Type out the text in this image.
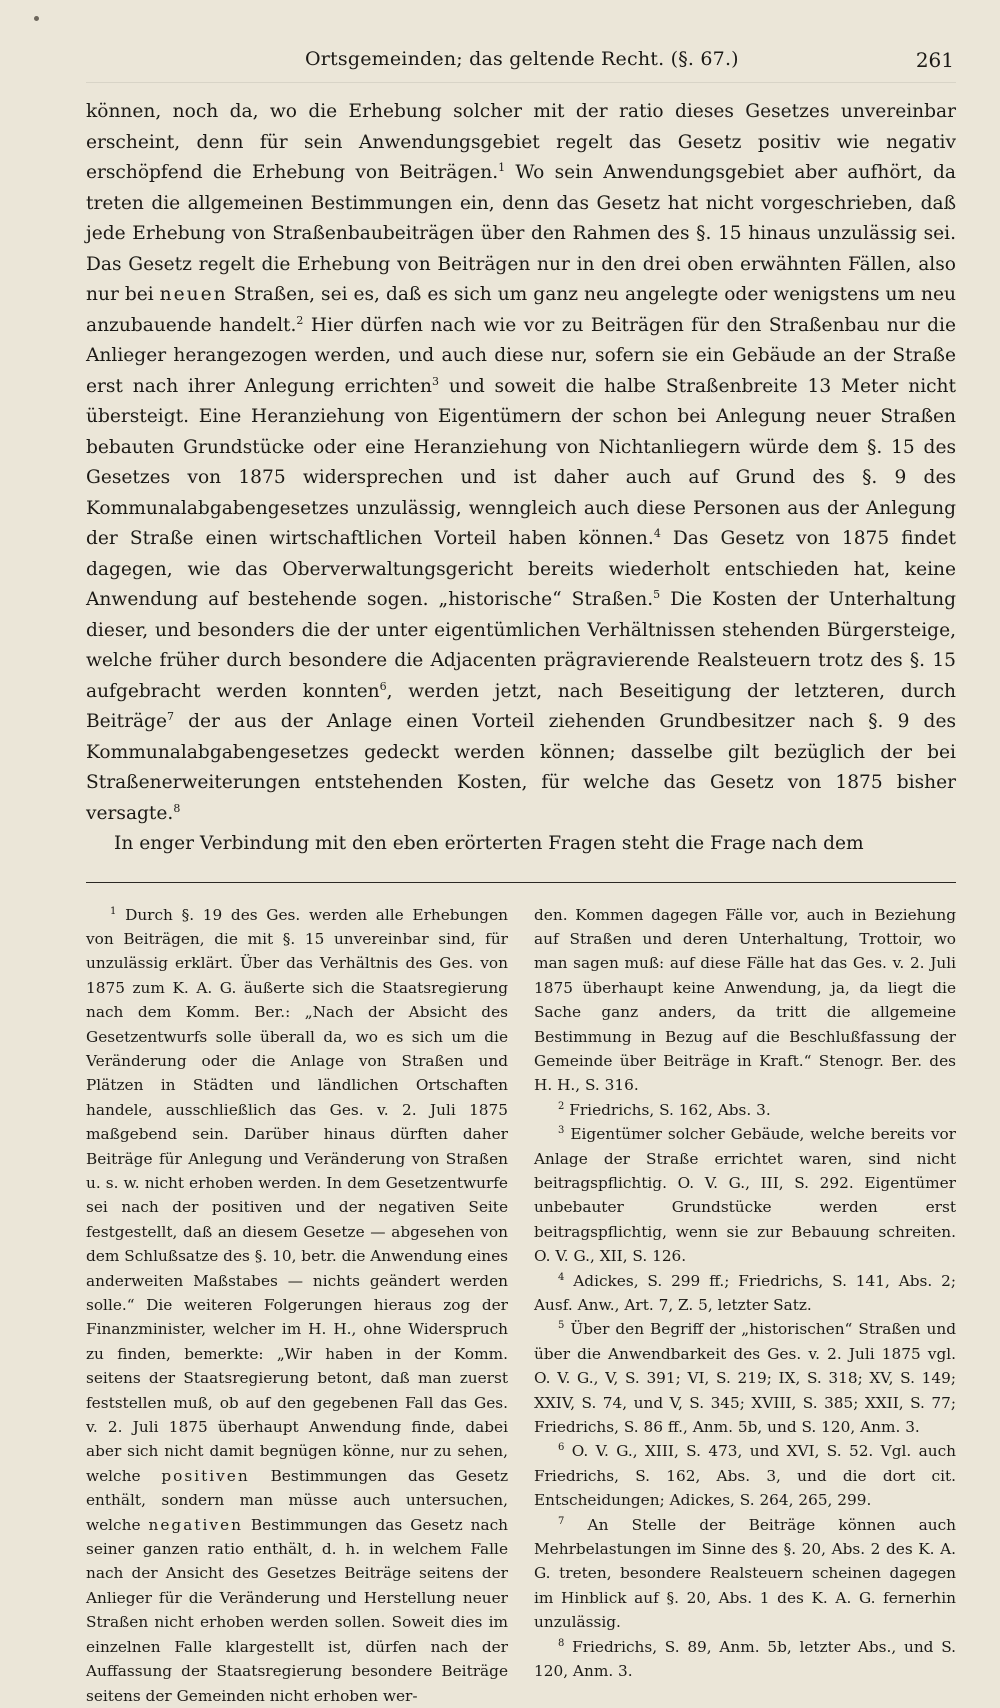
Ortsgemeinden; das geltende Recht. (§. 67.)	261

können, noch da, wo die Erhebung solcher mit der ratio dieses Gesetzes unvereinbar erscheint, denn für sein Anwendungsgebiet regelt das Gesetz positiv wie negativ erschöpfend die Erhebung von Beiträgen.$^1$ Wo sein Anwendungsgebiet aber aufhört, da treten die allgemeinen Bestimmungen ein, denn das Gesetz hat nicht vorgeschrieben, daß jede Erhebung von Straßenbaubeiträgen über den Rahmen des §. 15 hinaus unzulässig sei. Das Gesetz regelt die Erhebung von Beiträgen nur in den drei oben erwähnten Fällen, also nur bei neuen Straßen, sei es, daß es sich um ganz neu angelegte oder wenigstens um neu anzubauende handelt.$^2$ Hier dürfen nach wie vor zu Beiträgen für den Straßenbau nur die Anlieger herangezogen werden, und auch diese nur, sofern sie ein Gebäude an der Straße erst nach ihrer Anlegung errichten$^3$ und soweit die halbe Straßenbreite 13 Meter nicht übersteigt. Eine Heranziehung von Eigentümern der schon bei Anlegung neuer Straßen bebauten Grundstücke oder eine Heranziehung von Nichtanliegern würde dem §. 15 des Gesetzes von 1875 widersprechen und ist daher auch auf Grund des §. 9 des Kommunalabgabengesetzes unzulässig, wenngleich auch diese Personen aus der Anlegung der Straße einen wirtschaftlichen Vorteil haben können.$^4$ Das Gesetz von 1875 findet dagegen, wie das Oberverwaltungsgericht bereits wiederholt entschieden hat, keine Anwendung auf bestehende sogen. „historische“ Straßen.$^5$ Die Kosten der Unterhaltung dieser, und besonders die der unter eigentümlichen Verhältnissen stehenden Bürgersteige, welche früher durch besondere die Adjacenten prägravierende Realsteuern trotz des §. 15 aufgebracht werden konnten$^6$, werden jetzt, nach Beseitigung der letzteren, durch Beiträge$^7$ der aus der Anlage einen Vorteil ziehenden Grundbesitzer nach §. 9 des Kommunalabgabengesetzes gedeckt werden können; dasselbe gilt bezüglich der bei Straßenerweiterungen entstehenden Kosten, für welche das Gesetz von 1875 bisher versagte.$^8$

In enger Verbindung mit den eben erörterten Fragen steht die Frage nach dem

$^1$ Durch §. 19 des Ges. werden alle Erhebungen von Beiträgen, die mit §. 15 unvereinbar sind, für unzulässig erklärt. Über das Verhältnis des Ges. von 1875 zum K. A. G. äußerte sich die Staatsregierung nach dem Komm. Ber.: „Nach der Absicht des Gesetzentwurfs solle überall da, wo es sich um die Veränderung oder die Anlage von Straßen und Plätzen in Städten und ländlichen Ortschaften handele, ausschließlich das Ges. v. 2. Juli 1875 maßgebend sein. Darüber hinaus dürften daher Beiträge für Anlegung und Veränderung von Straßen u. s. w. nicht erhoben werden. In dem Gesetzentwurfe sei nach der positiven und der negativen Seite festgestellt, daß an diesem Gesetze — abgesehen von dem Schlußsatze des §. 10, betr. die Anwendung eines anderweiten Maßstabes — nichts geändert werden solle.“ Die weiteren Folgerungen hieraus zog der Finanzminister, welcher im H. H., ohne Widerspruch zu finden, bemerkte: „Wir haben in der Komm. seitens der Staatsregierung betont, daß man zuerst feststellen muß, ob auf den gegebenen Fall das Ges. v. 2. Juli 1875 überhaupt Anwendung finde, dabei aber sich nicht damit begnügen könne, nur zu sehen, welche positiven Bestimmungen das Gesetz enthält, sondern man müsse auch untersuchen, welche negativen Bestimmungen das Gesetz nach seiner ganzen ratio enthält, d. h. in welchem Falle nach der Ansicht des Gesetzes Beiträge seitens der Anlieger für die Veränderung und Herstellung neuer Straßen nicht erhoben werden sollen. Soweit dies im einzelnen Falle klargestellt ist, dürfen nach der Auffassung der Staatsregierung besondere Beiträge seitens der Gemeinden nicht erhoben wer-

den. Kommen dagegen Fälle vor, auch in Beziehung auf Straßen und deren Unterhaltung, Trottoir, wo man sagen muß: auf diese Fälle hat das Ges. v. 2. Juli 1875 überhaupt keine Anwendung, ja, da liegt die Sache ganz anders, da tritt die allgemeine Bestimmung in Bezug auf die Beschlußfassung der Gemeinde über Beiträge in Kraft.“ Stenogr. Ber. des H. H., S. 316.

$^2$ Friedrichs, S. 162, Abs. 3.

$^3$ Eigentümer solcher Gebäude, welche bereits vor Anlage der Straße errichtet waren, sind nicht beitragspflichtig. O. V. G., III, S. 292. Eigentümer unbebauter Grundstücke werden erst beitragspflichtig, wenn sie zur Bebauung schreiten. O. V. G., XII, S. 126.

$^4$ Adickes, S. 299 ff.; Friedrichs, S. 141, Abs. 2; Ausf. Anw., Art. 7, Z. 5, letzter Satz.

$^5$ Über den Begriff der „historischen“ Straßen und über die Anwendbarkeit des Ges. v. 2. Juli 1875 vgl. O. V. G., V, S. 391; VI, S. 219; IX, S. 318; XV, S. 149; XXIV, S. 74, und V, S. 345; XVIII, S. 385; XXII, S. 77; Friedrichs, S. 86 ff., Anm. 5b, und S. 120, Anm. 3.

$^6$ O. V. G., XIII, S. 473, und XVI, S. 52. Vgl. auch Friedrichs, S. 162, Abs. 3, und die dort cit. Entscheidungen; Adickes, S. 264, 265, 299.

$^7$ An Stelle der Beiträge können auch Mehrbelastungen im Sinne des §. 20, Abs. 2 des K. A. G. treten, besondere Realsteuern scheinen dagegen im Hinblick auf §. 20, Abs. 1 des K. A. G. fernerhin unzulässig.

$^8$ Friedrichs, S. 89, Anm. 5b, letzter Abs., und S. 120, Anm. 3.
